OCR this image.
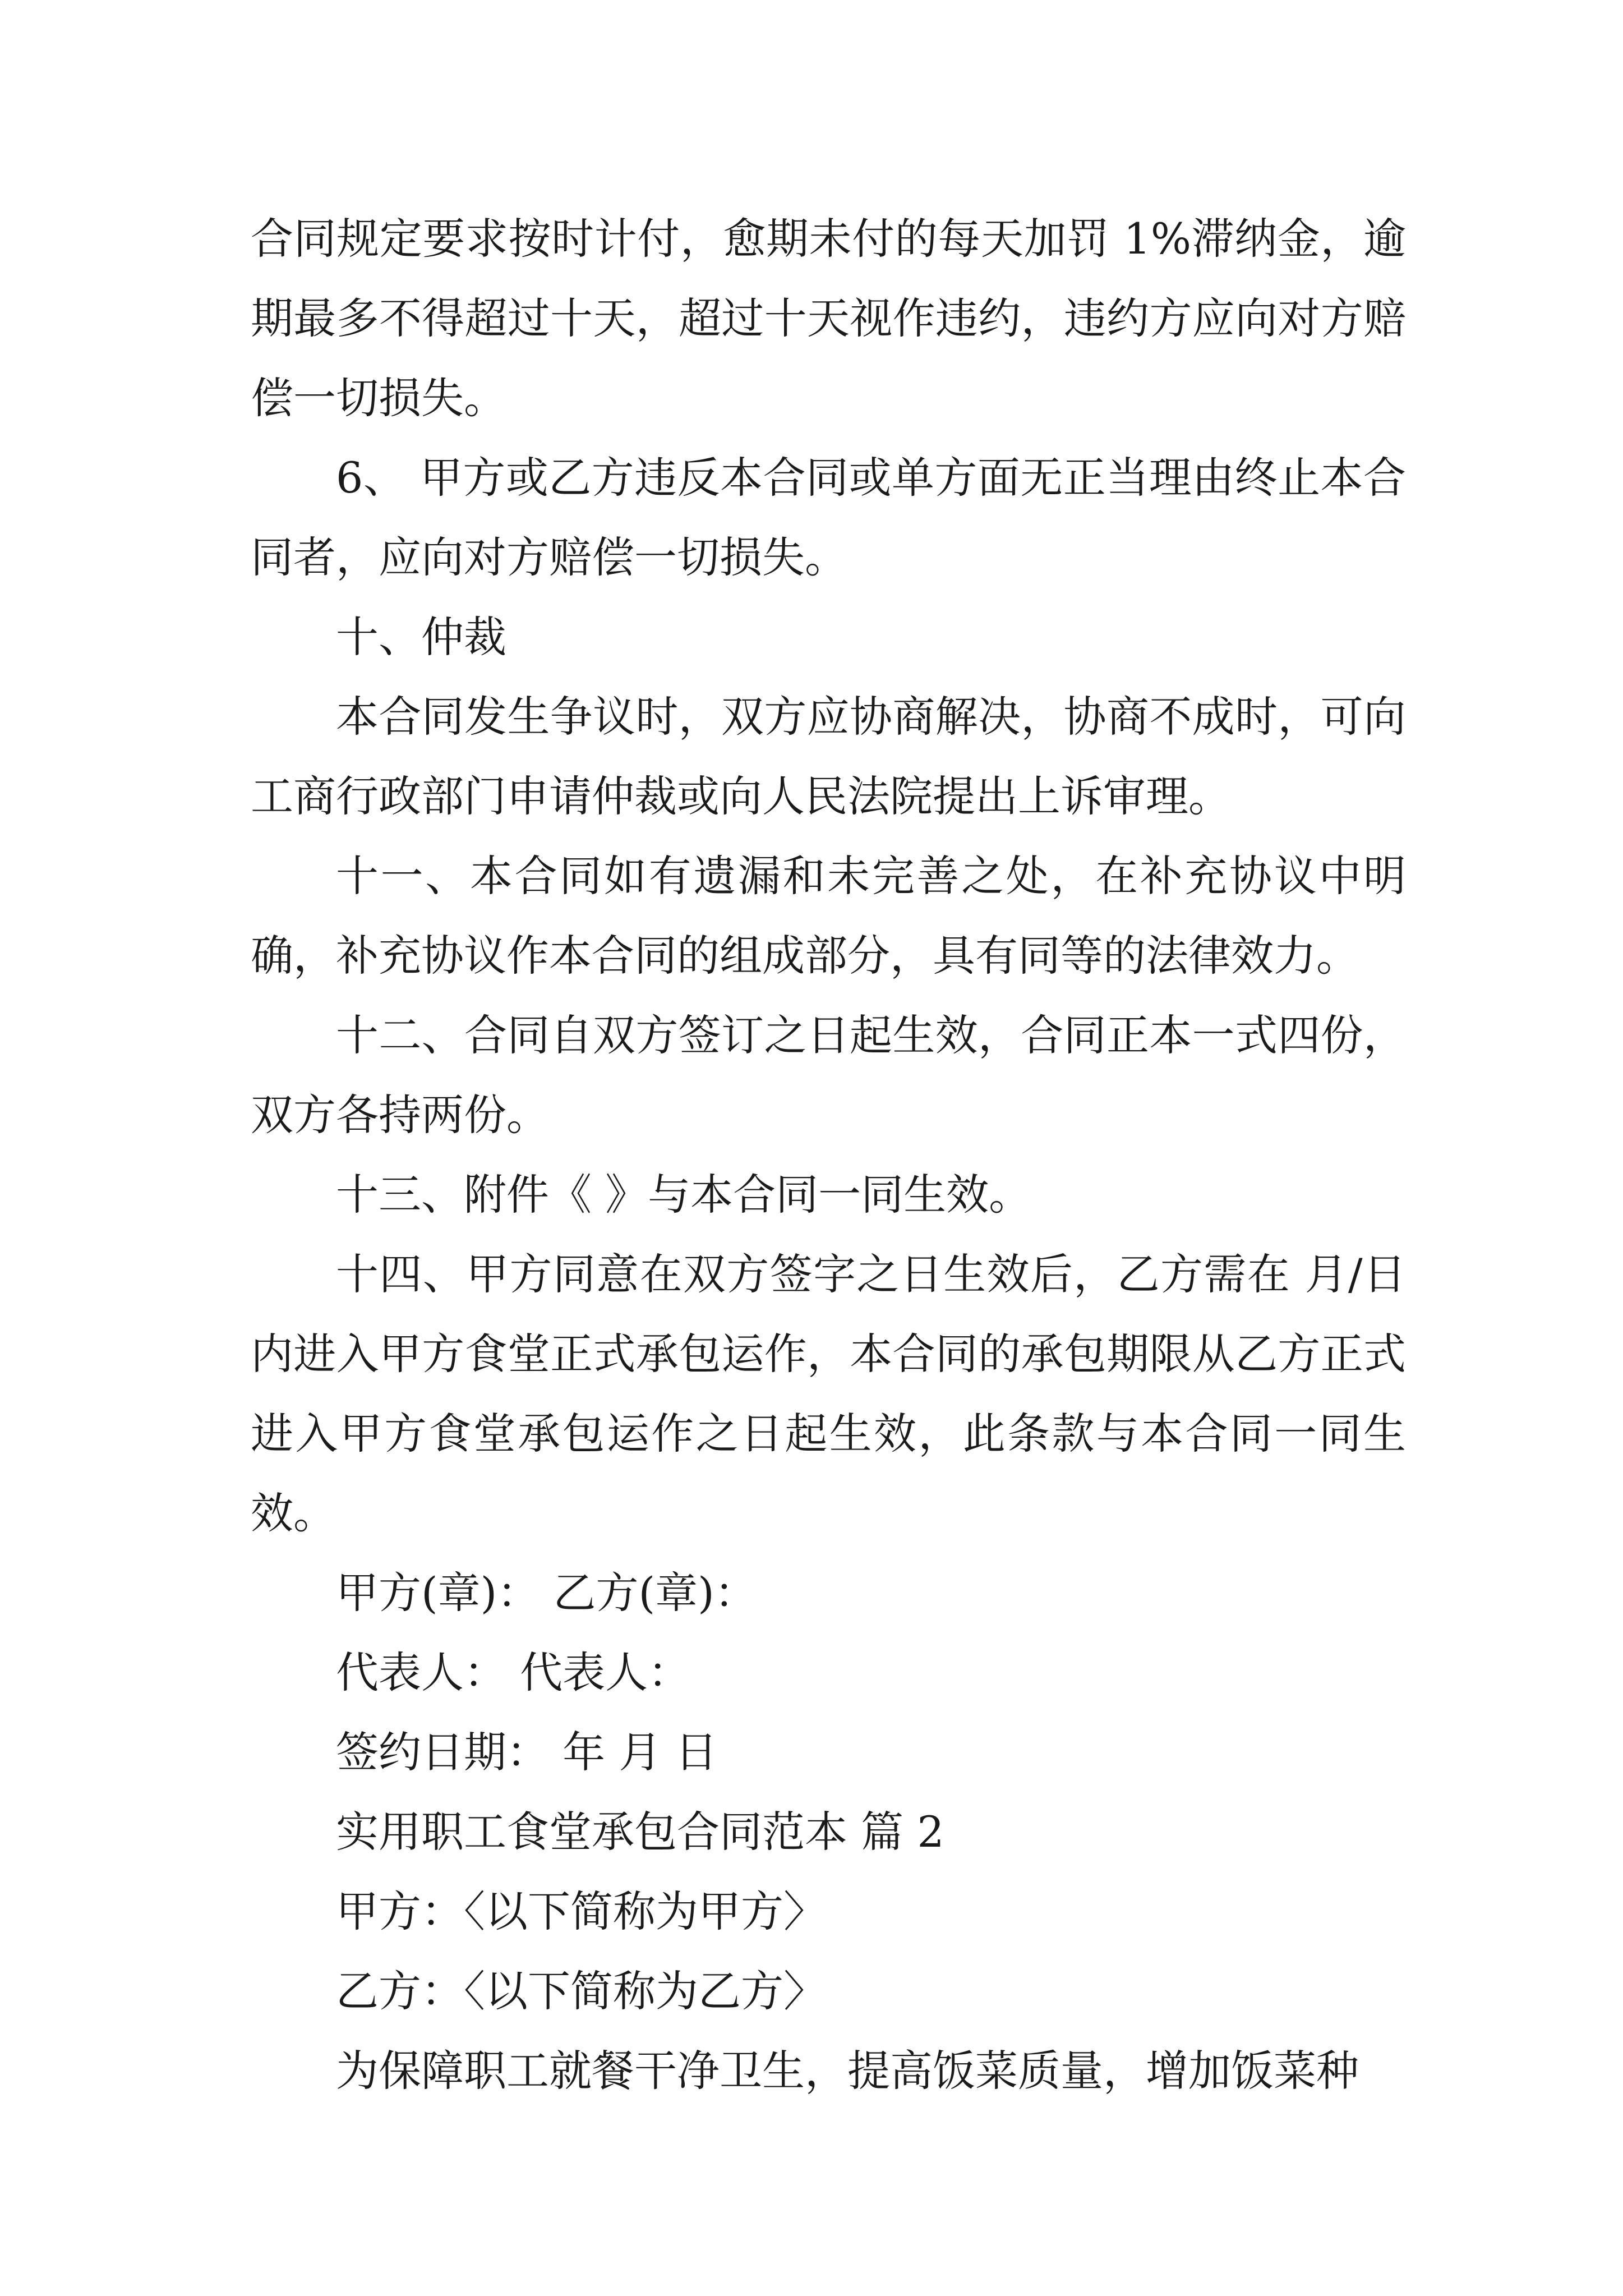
合同规定要求按时计付，愈期未付的每天加罚 1%滞纳金，逾期最多不得超过十天，超过十天视作违约，违约方应向对方赔偿一切损失。

6、 甲方或乙方违反本合同或单方面无正当理由终止本合同者，应向对方赔偿一切损失。

十、仲裁

本合同发生争议时，双方应协商解决，协商不成时，可向工商行政部门申请仲裁或向人民法院提出上诉审理。

十一、本合同如有遗漏和未完善之处，在补充协议中明确，补充协议作本合同的组成部分，具有同等的法律效力。

十二、合同自双方签订之日起生效，合同正本一式四份，双方各持两份。

十三、附件《 》与本合同一同生效。

十四、甲方同意在双方签字之日生效后，乙方需在 月/日内进入甲方食堂正式承包运作，本合同的承包期限从乙方正式进入甲方食堂承包运作之日起生效，此条款与本合同一同生效。

甲方(章)： 乙方(章)：

代表人： 代表人：

签约日期： 年 月 日

实用职工食堂承包合同范本 篇 2

甲方：〈以下简称为甲方〉

乙方：〈以下简称为乙方〉

为保障职工就餐干净卫生，提高饭菜质量，增加饭菜种
